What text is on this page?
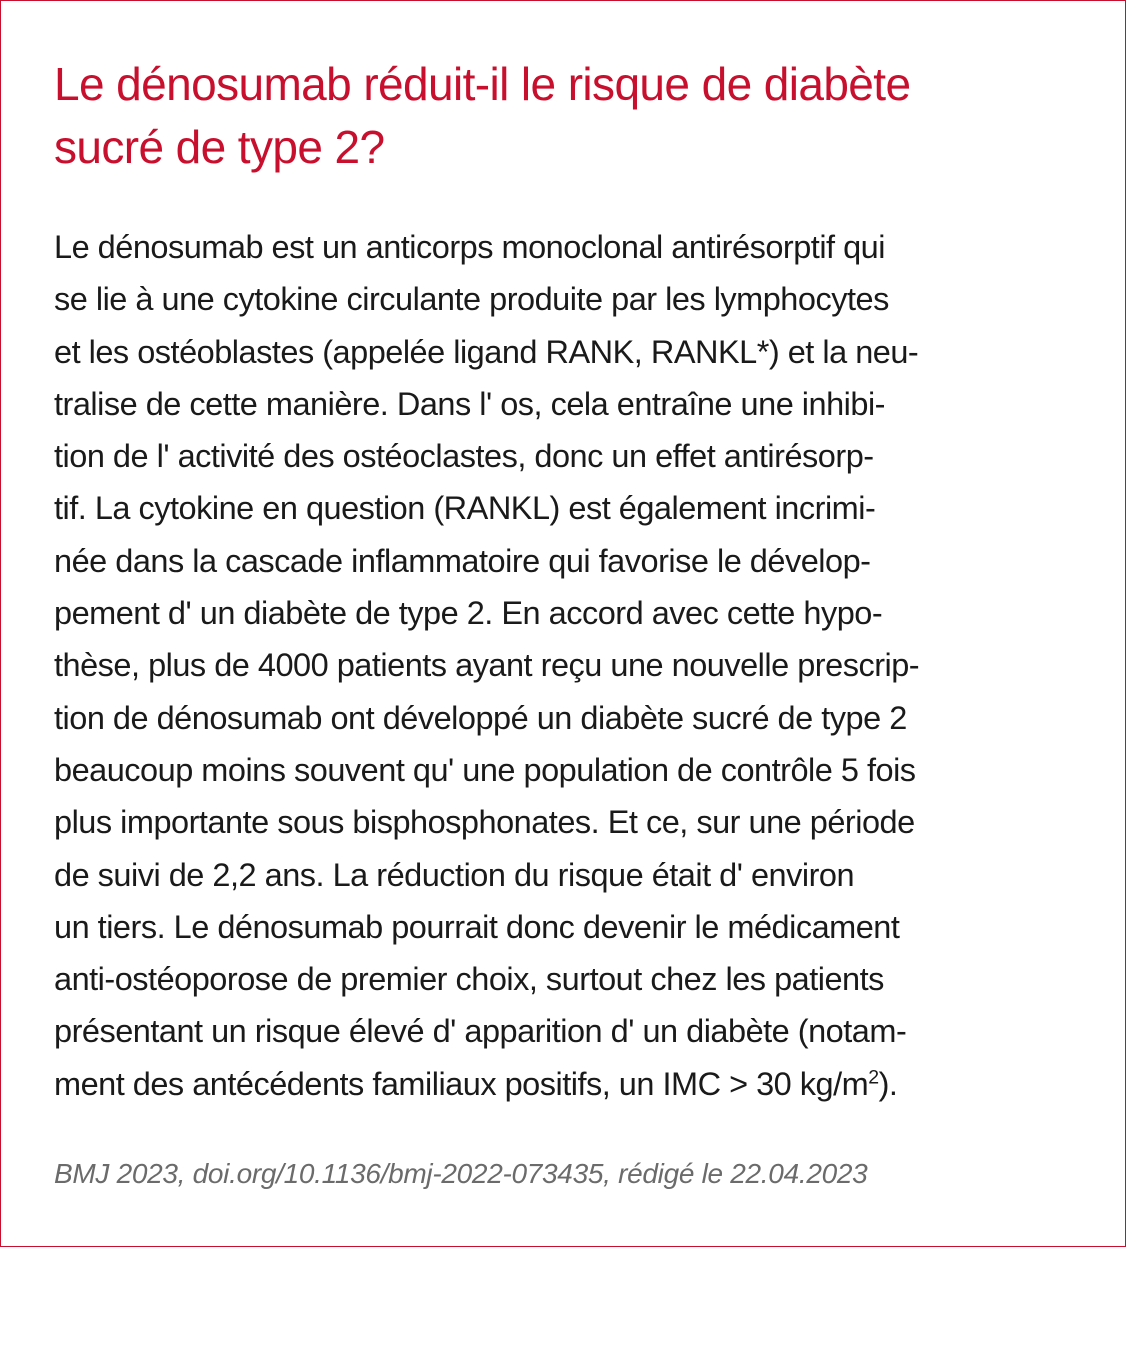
Le dénosumab réduit-il le risque de diabète
sucré de type 2?
Le dénosumab est un anticorps monoclonal antirésorptif qui
se lie à une cytokine circulante produite par les lymphocytes
et les ostéoblastes (appelée ligand RANK, RANKL*) et la neu-
tralise de cette manière. Dans l' os, cela entraîne une inhibi-
tion de l' activité des ostéoclastes, donc un effet antirésorp-
tif. La cytokine en question (RANKL) est également incrimi-
née dans la cascade inflammatoire qui favorise le dévelop-
pement d' un diabète de type 2. En accord avec cette hypo-
thèse, plus de 4000 patients ayant reçu une nouvelle prescrip-
tion de dénosumab ont développé un diabète sucré de type 2
beaucoup moins souvent qu' une population de contrôle 5 fois
plus importante sous bisphosphonates. Et ce, sur une période
de suivi de 2,2 ans. La réduction du risque était d' environ
un tiers. Le dénosumab pourrait donc devenir le médicament
anti-ostéoporose de premier choix, surtout chez les patients
présentant un risque élevé d' apparition d' un diabète (notam-
ment des antécédents familiaux positifs, un IMC > 30 $kg/m^2$).

BMJ 2023, doi.org/10.1136/bmj-2022-073435, rédigé le 22.04.2023
